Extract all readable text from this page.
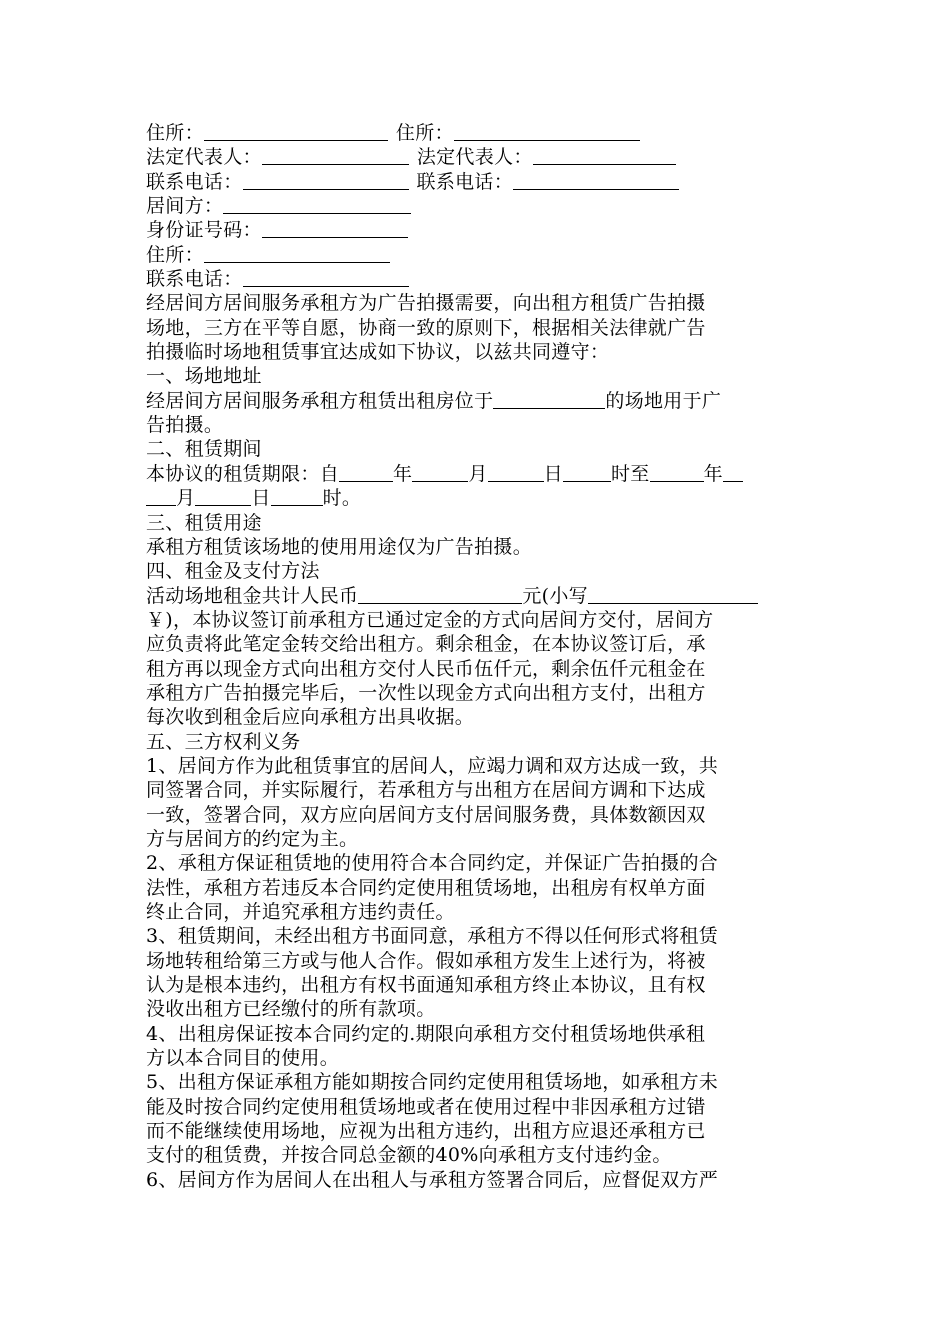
住所：	住所：
法定代表人：	法定代表人：
联系电话：	联系电话：
居间方：
身份证号码：
住所：
联系电话：
经居间方居间服务承租方为广告拍摄需要，向出租方租赁广告拍摄
场地，三方在平等自愿，协商一致的原则下，根据相关法律就广告
拍摄临时场地租赁事宜达成如下协议，以兹共同遵守：
一、场地地址
经居间方居间服务承租方租赁出租房位于	的场地用于广
告拍摄。
二、租赁期间
本协议的租赁期限：自	年	月	日	时至	年
月	日	时。
三、租赁用途
承租方租赁该场地的使用用途仅为广告拍摄。
四、租金及支付方法
活动场地租金共计人民币	元(小写
￥)，本协议签订前承租方已通过定金的方式向居间方交付，居间方
应负责将此笔定金转交给出租方。剩余租金，在本协议签订后，承
租方再以现金方式向出租方交付人民币伍仟元，剩余伍仟元租金在
承租方广告拍摄完毕后，一次性以现金方式向出租方支付，出租方
每次收到租金后应向承租方出具收据。
五、三方权利义务
1、居间方作为此租赁事宜的居间人，应竭力调和双方达成一致，共
同签署合同，并实际履行，若承租方与出租方在居间方调和下达成
一致，签署合同，双方应向居间方支付居间服务费，具体数额因双
方与居间方的约定为主。
2、承租方保证租赁地的使用符合本合同约定，并保证广告拍摄的合
法性，承租方若违反本合同约定使用租赁场地，出租房有权单方面
终止合同，并追究承租方违约责任。
3、租赁期间，未经出租方书面同意，承租方不得以任何形式将租赁
场地转租给第三方或与他人合作。假如承租方发生上述行为，将被
认为是根本违约，出租方有权书面通知承租方终止本协议，且有权
没收出租方已经缴付的所有款项。
4、出租房保证按本合同约定的.期限向承租方交付租赁场地供承租
方以本合同目的使用。
5、出租方保证承租方能如期按合同约定使用租赁场地，如承租方未
能及时按合同约定使用租赁场地或者在使用过程中非因承租方过错
而不能继续使用场地，应视为出租方违约，出租方应退还承租方已
支付的租赁费，并按合同总金额的40%向承租方支付违约金。
6、居间方作为居间人在出租人与承租方签署合同后，应督促双方严
